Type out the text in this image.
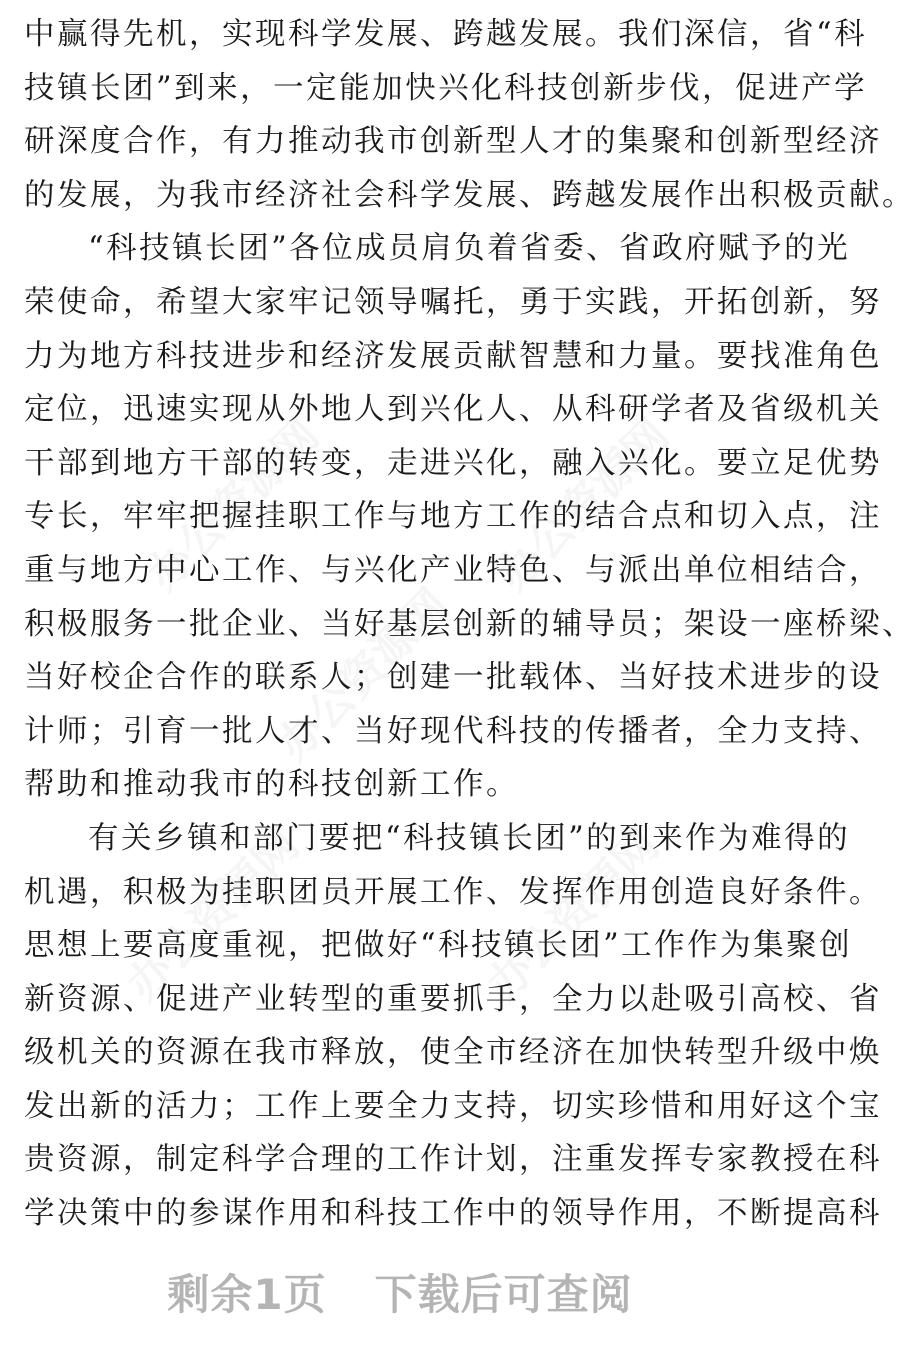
办公资源网	办公资源网
办公资源网
办公资源网	办公资源网
中赢得先机，实现科学发展、跨越发展。我们深信，省“科
技镇长团”到来，一定能加快兴化科技创新步伐，促进产学
研深度合作，有力推动我市创新型人才的集聚和创新型经济
的发展，为我市经济社会科学发展、跨越发展作出积极贡献。
“科技镇长团”各位成员肩负着省委、省政府赋予的光
荣使命，希望大家牢记领导嘱托，勇于实践，开拓创新，努
力为地方科技进步和经济发展贡献智慧和力量。要找准角色
定位，迅速实现从外地人到兴化人、从科研学者及省级机关
干部到地方干部的转变，走进兴化，融入兴化。要立足优势
专长，牢牢把握挂职工作与地方工作的结合点和切入点，注
重与地方中心工作、与兴化产业特色、与派出单位相结合，
积极服务一批企业、当好基层创新的辅导员；架设一座桥梁、
当好校企合作的联系人；创建一批载体、当好技术进步的设
计师；引育一批人才、当好现代科技的传播者，全力支持、
帮助和推动我市的科技创新工作。
有关乡镇和部门要把“科技镇长团”的到来作为难得的
机遇，积极为挂职团员开展工作、发挥作用创造良好条件。
思想上要高度重视，把做好“科技镇长团”工作作为集聚创
新资源、促进产业转型的重要抓手，全力以赴吸引高校、省
级机关的资源在我市释放，使全市经济在加快转型升级中焕
发出新的活力；工作上要全力支持，切实珍惜和用好这个宝
贵资源，制定科学合理的工作计划，注重发挥专家教授在科
学决策中的参谋作用和科技工作中的领导作用，不断提高科
剩余1页 下载后可查阅
